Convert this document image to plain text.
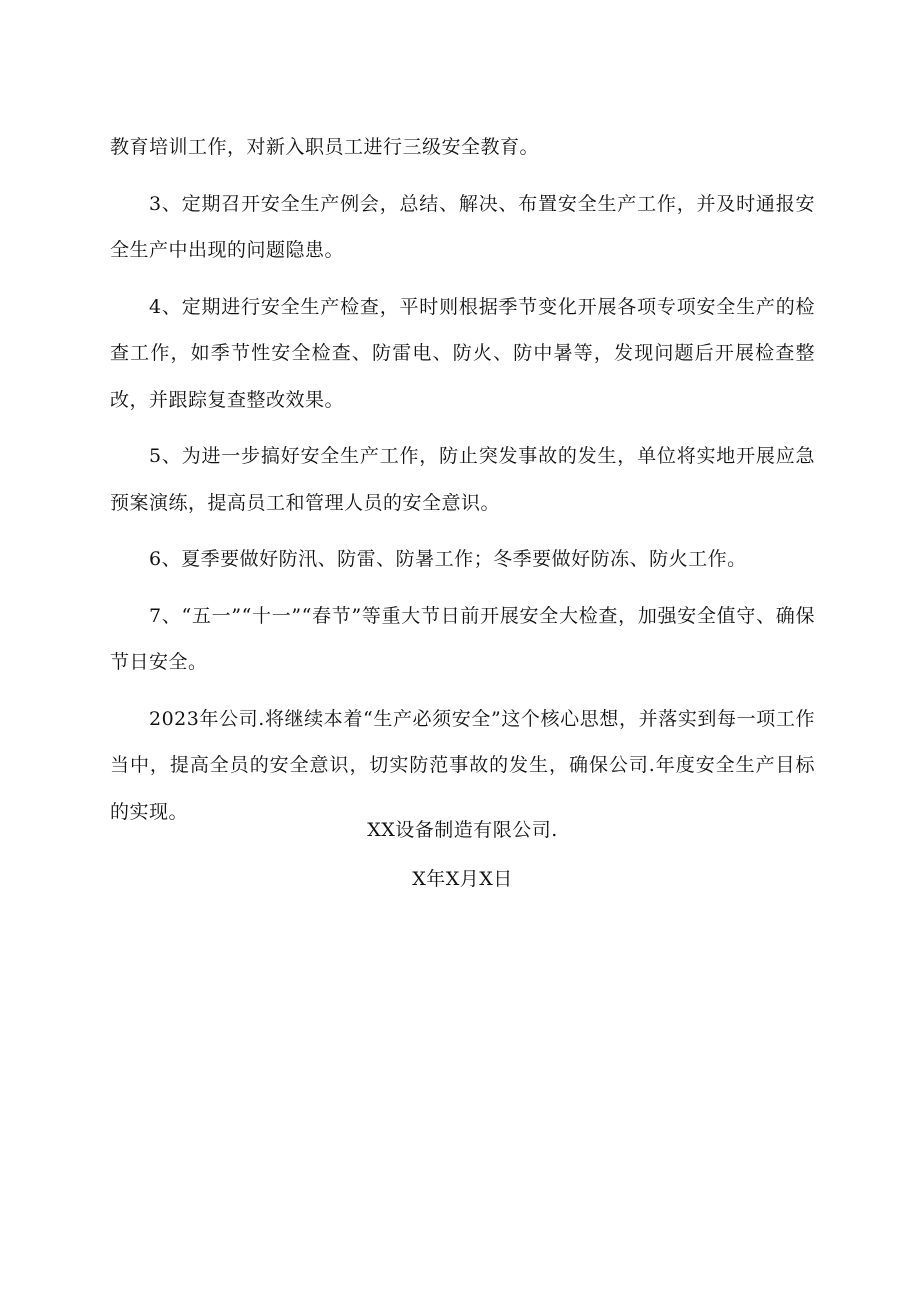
教育培训工作，对新入职员工进行三级安全教育。

3、定期召开安全生产例会，总结、解决、布置安全生产工作，并及时通报安全生产中出现的问题隐患。

4、定期进行安全生产检查，平时则根据季节变化开展各项专项安全生产的检查工作，如季节性安全检查、防雷电、防火、防中暑等，发现问题后开展检查整改，并跟踪复查整改效果。

5、为进一步搞好安全生产工作，防止突发事故的发生，单位将实地开展应急预案演练，提高员工和管理人员的安全意识。

6、夏季要做好防汛、防雷、防暑工作；冬季要做好防冻、防火工作。

7、“五一”“十一”“春节”等重大节日前开展安全大检查，加强安全值守、确保节日安全。

2023年公司.将继续本着“生产必须安全”这个核心思想，并落实到每一项工作当中，提高全员的安全意识，切实防范事故的发生，确保公司.年度安全生产目标的实现。

XX设备制造有限公司.
X年X月X日
